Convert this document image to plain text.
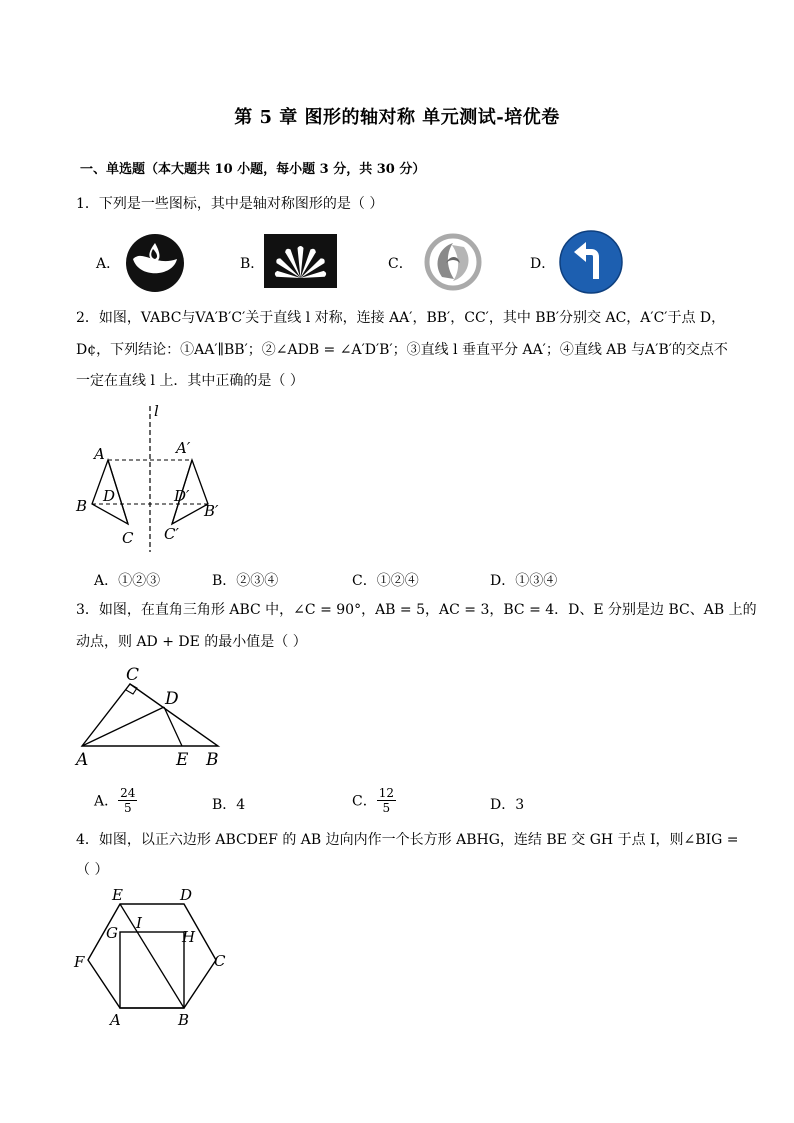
第 5 章 图形的轴对称 单元测试-培优卷
一、单选题（本大题共 10 小题，每小题 3 分，共 30 分）
1．下列是一些图标，其中是轴对称图形的是（ ）
A．	B．	C．	D．
2．如图，VABC与VA′B′C′关于直线 l 对称，连接 AA′，BB′，CC′，其中 BB′分别交 AC，A′C′于点 D，
D¢，下列结论：①AA′∥BB′；②∠ADB = ∠A′D′B′；③直线 l 垂直平分 AA′；④直线 AB 与A′B′的交点不
一定在直线 l 上．其中正确的是（ ）
l
A	A′
B	B′
D	D′
C C′
A．①②③	B．②③④	C．①②④	D．①③④
3．如图，在直角三角形 ABC 中，∠C = 90°，AB = 5，AC = 3，BC = 4．D、E 分别是边 BC、AB 上的
动点，则 AD + DE 的最小值是（ ）
C
D
A	E B
A． $\frac{24}{5}$	B．4	C． $\frac{12}{5}$	D．3
4．如图，以正六边形 ABCDEF 的 AB 边向内作一个长方形 ABHG，连结 BE 交 GH 于点 I，则∠BIG =
（ ）
E	D
I
G	H
F	C
A	B
